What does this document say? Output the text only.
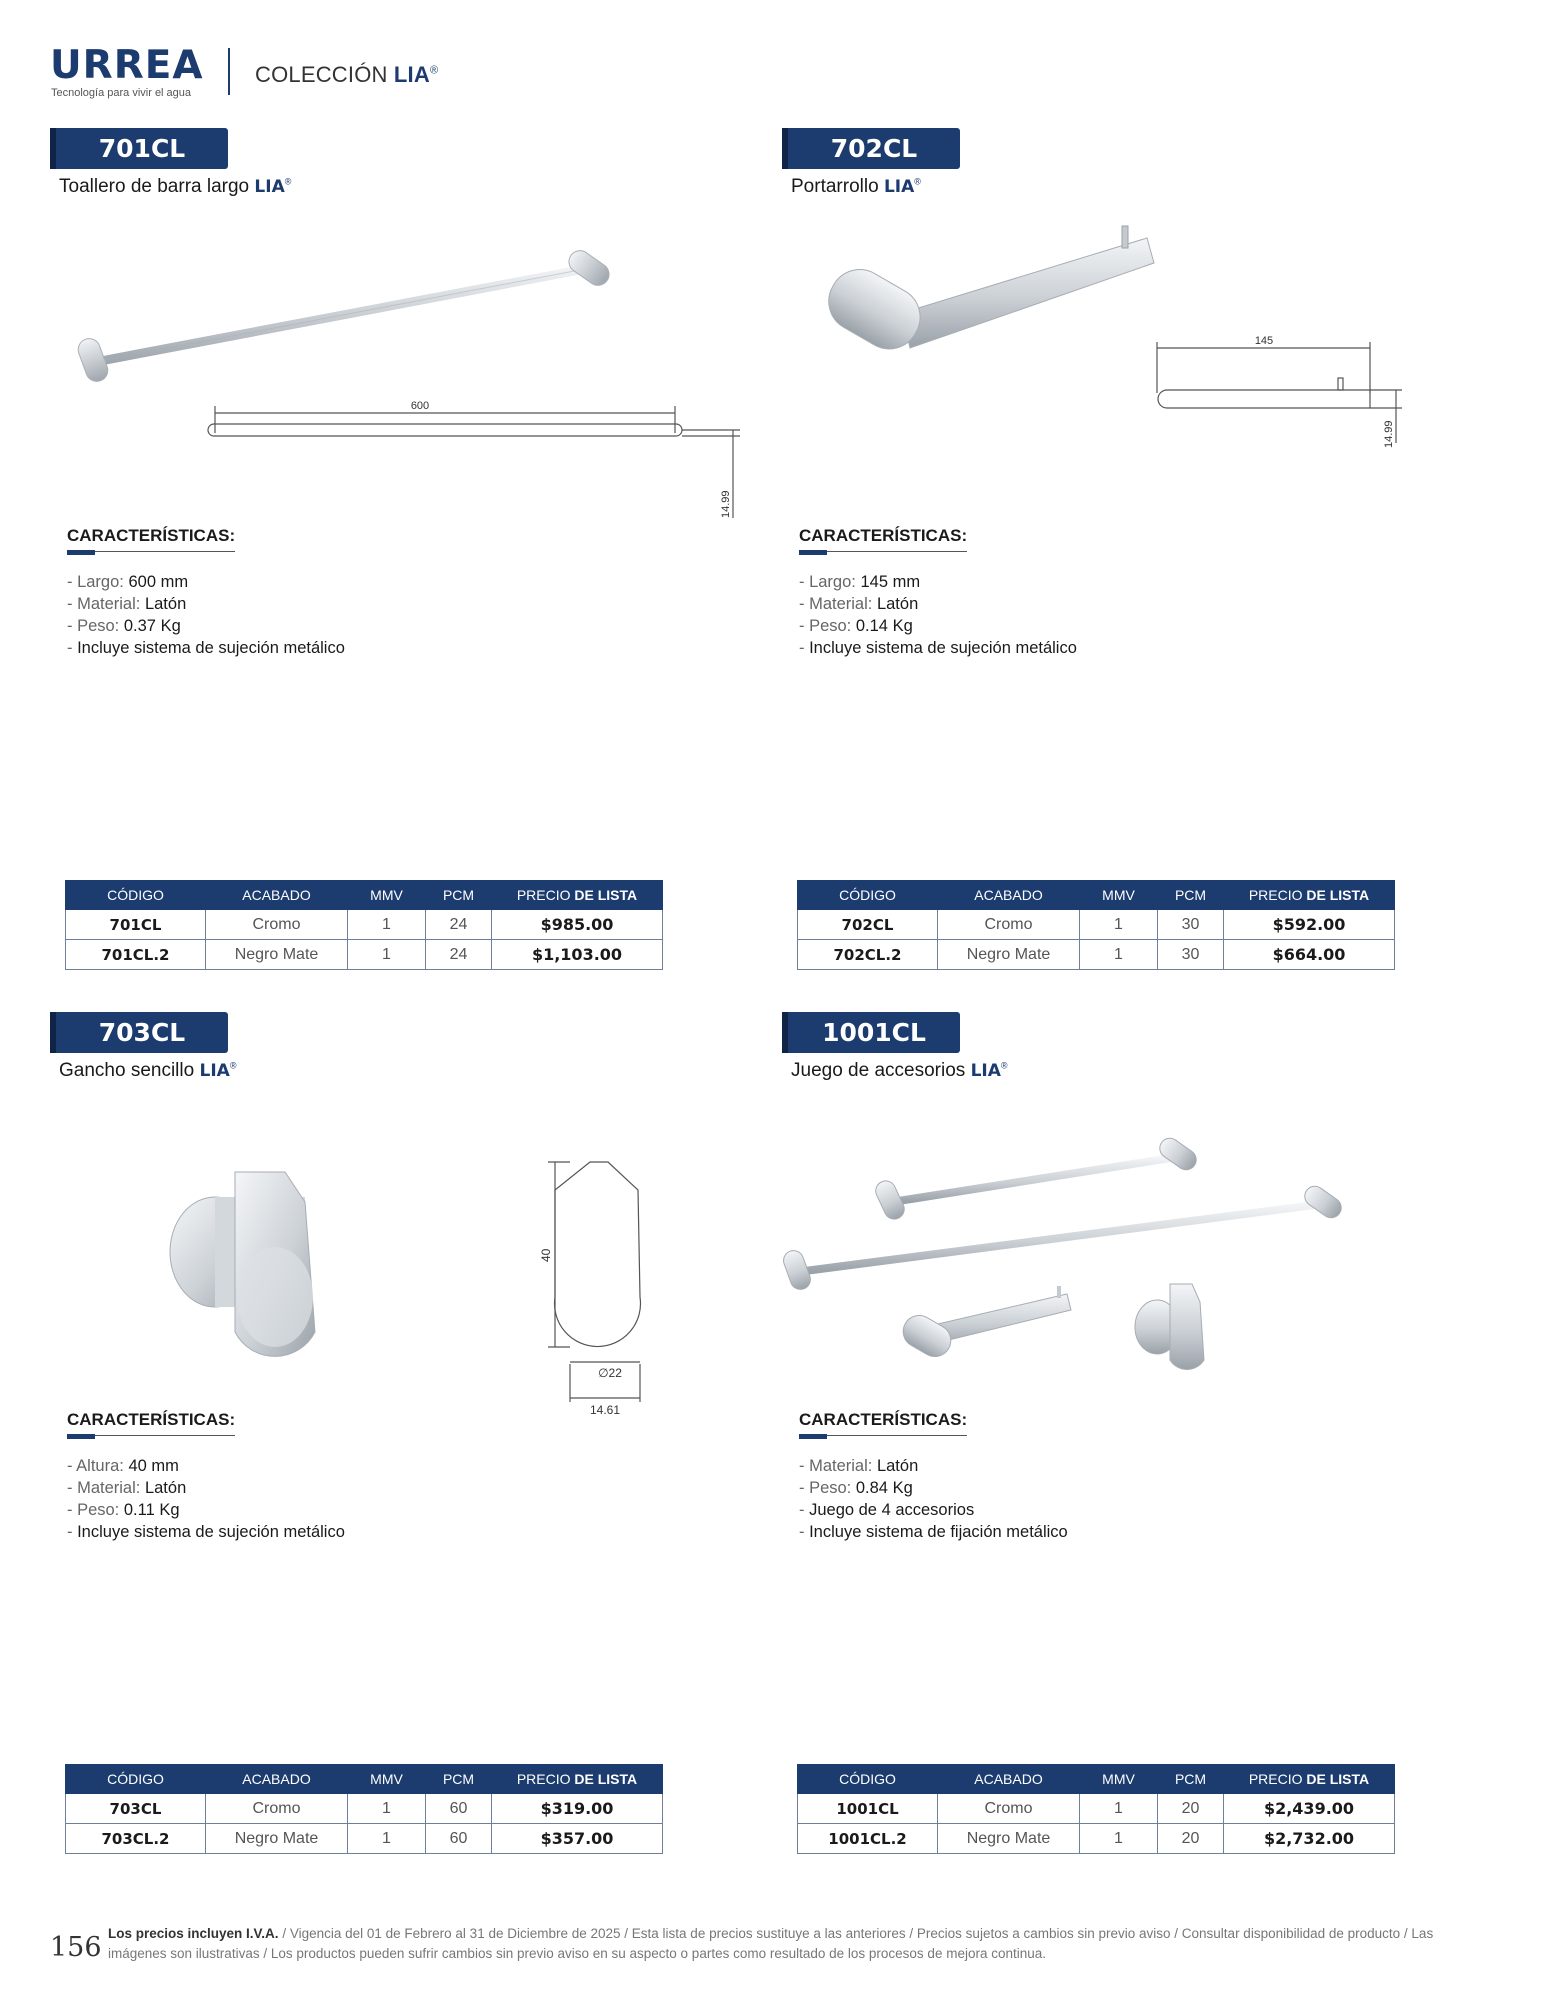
URREA
Tecnología para vivir el agua
COLECCIÓN LIA®
701CL
Toallero de barra largo LIA®
600
14.99
CARACTERÍSTICAS:
- Largo: 600 mm
- Material: Latón
- Peso: 0.37 Kg
- Incluye sistema de sujeción metálico
CÓDIGO	ACABADO	MMV	PCM	PRECIO DE LISTA
701CL	Cromo	1	24	$985.00
701CL.2	Negro Mate	1	24	$1,103.00
702CL
Portarrollo LIA®
145
14.99
CARACTERÍSTICAS:
- Largo: 145 mm
- Material: Latón
- Peso: 0.14 Kg
- Incluye sistema de sujeción metálico
CÓDIGO	ACABADO	MMV	PCM	PRECIO DE LISTA
702CL	Cromo	1	30	$592.00
702CL.2	Negro Mate	1	30	$664.00
703CL
Gancho sencillo LIA®
40
∅22
14.61
CARACTERÍSTICAS:
- Altura: 40 mm
- Material: Latón
- Peso: 0.11 Kg
- Incluye sistema de sujeción metálico
CÓDIGO	ACABADO	MMV	PCM	PRECIO DE LISTA
703CL	Cromo	1	60	$319.00
703CL.2	Negro Mate	1	60	$357.00
1001CL
Juego de accesorios LIA®
CARACTERÍSTICAS:
- Material: Latón
- Peso: 0.84 Kg
- Juego de 4 accesorios
- Incluye sistema de fijación metálico
CÓDIGO	ACABADO	MMV	PCM	PRECIO DE LISTA
1001CL	Cromo	1	20	$2,439.00
1001CL.2	Negro Mate	1	20	$2,732.00
156 Los precios incluyen I.V.A. / Vigencia del 01 de Febrero al 31 de Diciembre de 2025 / Esta lista de precios sustituye a las anteriores / Precios sujetos a cambios sin previo aviso / Consultar disponibilidad de producto / Las imágenes son ilustrativas / Los productos pueden sufrir cambios sin previo aviso en su aspecto o partes como resultado de los procesos de mejora continua.
